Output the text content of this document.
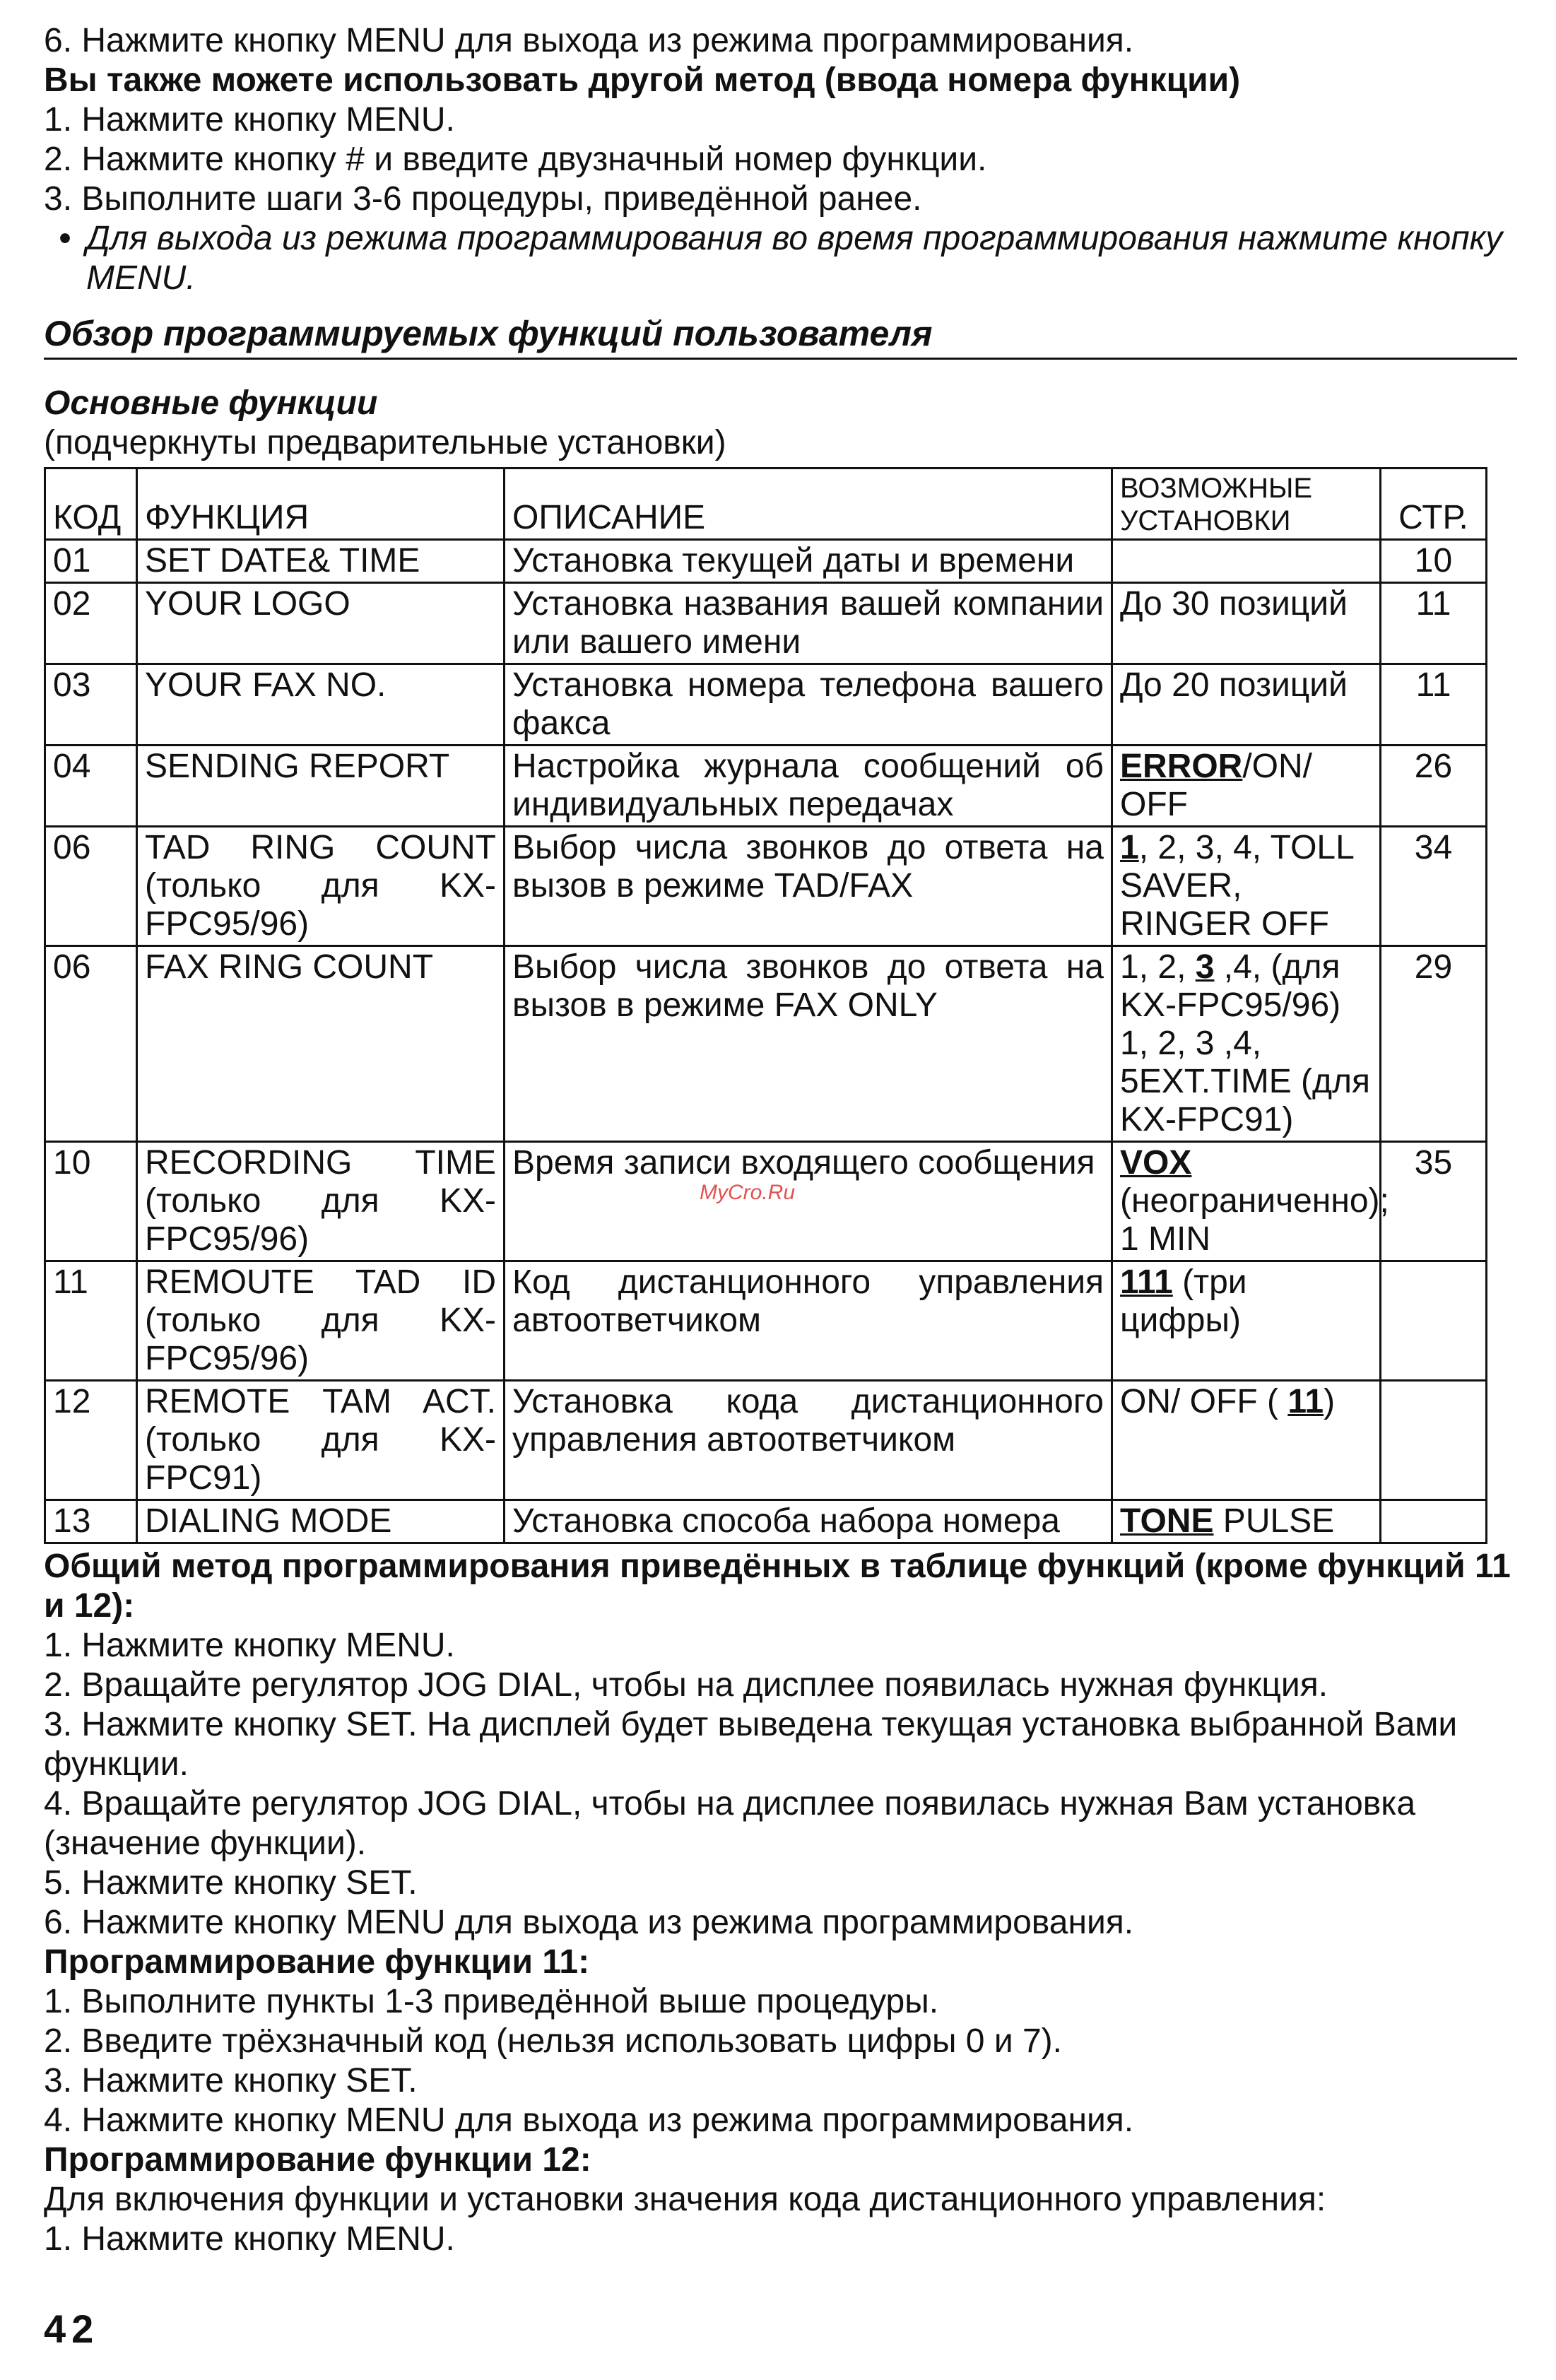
6. Нажмите кнопку MENU для выхода из режима программирования.

Вы также можете использовать другой метод (ввода номера функции)

1. Нажмите кнопку MENU.

2. Нажмите кнопку # и введите двузначный номер функции.

3. Выполните шаги 3-6 процедуры, приведённой ранее.

• Для выхода из режима программирования во время программирования нажмите кнопку MENU.
Обзор программируемых функций пользователя
Основные функции

(подчеркнуты предварительные установки)

КОД	ФУНКЦИЯ	ОПИСАНИЕ	ВОЗМОЖНЫЕ УСТАНОВКИ	СТР.
01	SET DATE& TIME	Установка текущей даты и времени		10
02	YOUR LOGO	Установка названия вашей компании или вашего имени	До 30 позиций	11
03	YOUR FAX NO.	Установка номера телефона вашего факса	До 20 позиций	11
04	SENDING REPORT	Настройка журнала сообщений об индивидуальных передачах	ERROR/ON/ OFF	26
06	TAD RING COUNT (только для KX-FPC95/96)	Выбор числа звонков до ответа на вызов в режиме TAD/FAX	1, 2, 3, 4, TOLL SAVER, RINGER OFF	34
06	FAX RING COUNT	Выбор числа звонков до ответа на вызов в режиме FAX ONLY	1, 2, 3 ,4, (для KX-FPC95/96) 1, 2, 3 ,4, 5EXT.TIME (для KX-FPC91)	29
10	RECORDING TIME (только для KX-FPC95/96)	Время записи входящего сообщения	VOX (неограниченно); 1 MIN	35
11	REMOUTE TAD ID (только для KX-FPC95/96)	Код дистанционного управления автоответчиком	111 (три цифры)	
12	REMOTE TAM ACT. (только для KX-FPC91)	Установка кода дистанционного управления автоответчиком	ON/ OFF ( 11)	
13	DIALING MODE	Установка способа набора номера	TONE PULSE	

Общий метод программирования приведённых в таблице функций (кроме функций 11 и 12):

1. Нажмите кнопку MENU.

2. Вращайте регулятор JOG DIAL, чтобы на дисплее появилась нужная функция.

3. Нажмите кнопку SET. На дисплей будет выведена текущая установка выбранной Вами функции.

4. Вращайте регулятор JOG DIAL, чтобы на дисплее появилась нужная Вам установка (значение функции).

5. Нажмите кнопку SET.

6. Нажмите кнопку MENU для выхода из режима программирования.

Программирование функции 11:

1. Выполните пункты 1-3 приведённой выше процедуры.

2. Введите трёхзначный код (нельзя использовать цифры 0 и 7).

3. Нажмите кнопку SET.

4. Нажмите кнопку MENU для выхода из режима программирования.

Программирование функции 12:

Для включения функции и установки значения кода дистанционного управления:

1. Нажмите кнопку MENU.

MyCro.Ru
42
